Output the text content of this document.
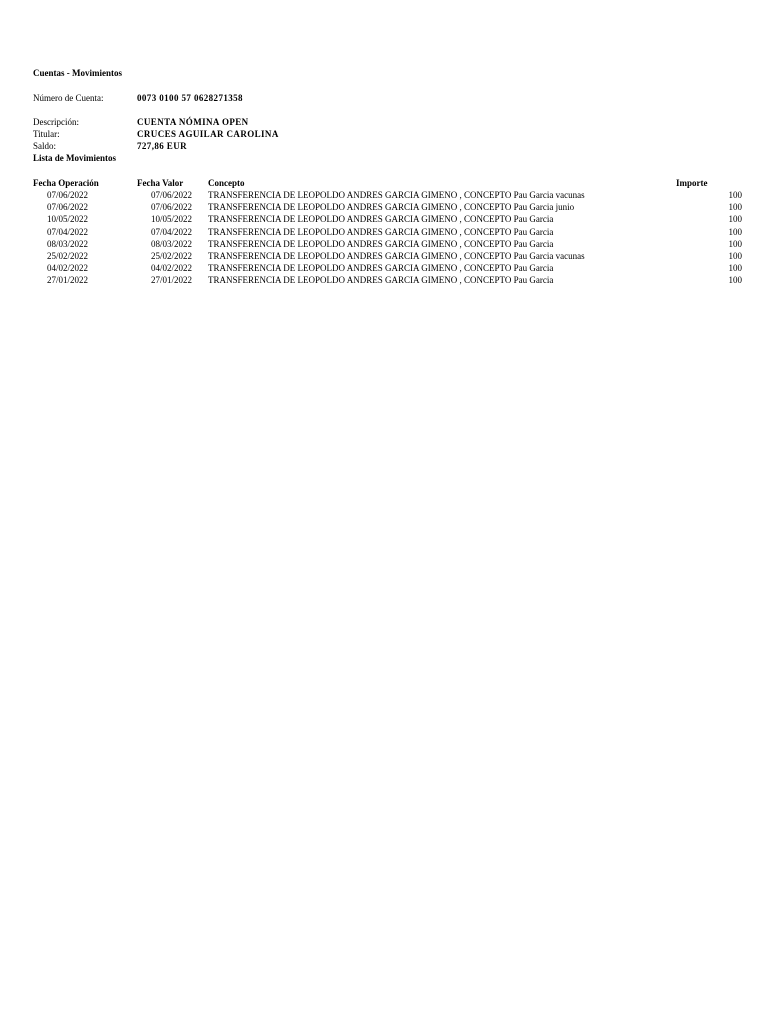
Cuentas - Movimientos
Número de Cuenta:	0073 0100 57 0628271358
Descripción:	CUENTA NÓMINA OPEN
Titular:	CRUCES AGUILAR CAROLINA
Saldo:	727,86 EUR
Lista de Movimientos
Fecha Operación	Fecha Valor	Concepto	Importe
07/06/2022	07/06/2022 TRANSFERENCIA DE LEOPOLDO ANDRES GARCIA GIMENO , CONCEPTO Pau Garcia vacunas	100
07/06/2022	07/06/2022 TRANSFERENCIA DE LEOPOLDO ANDRES GARCIA GIMENO , CONCEPTO Pau Garcia junio	100
10/05/2022	10/05/2022 TRANSFERENCIA DE LEOPOLDO ANDRES GARCIA GIMENO , CONCEPTO Pau Garcia	100
07/04/2022	07/04/2022 TRANSFERENCIA DE LEOPOLDO ANDRES GARCIA GIMENO , CONCEPTO Pau Garcia	100
08/03/2022	08/03/2022 TRANSFERENCIA DE LEOPOLDO ANDRES GARCIA GIMENO , CONCEPTO Pau Garcia	100
25/02/2022	25/02/2022 TRANSFERENCIA DE LEOPOLDO ANDRES GARCIA GIMENO , CONCEPTO Pau Garcia vacunas	100
04/02/2022	04/02/2022 TRANSFERENCIA DE LEOPOLDO ANDRES GARCIA GIMENO , CONCEPTO Pau Garcia	100
27/01/2022	27/01/2022 TRANSFERENCIA DE LEOPOLDO ANDRES GARCIA GIMENO , CONCEPTO Pau Garcia	100
